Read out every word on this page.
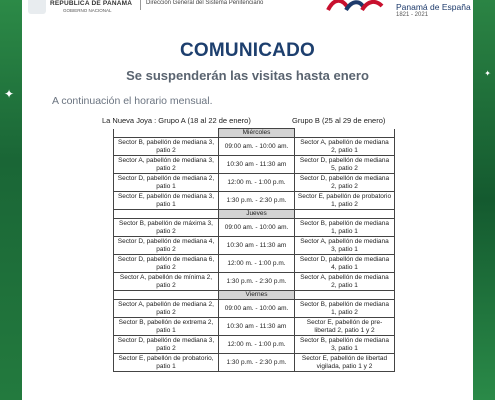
✦
✦
REPÚBLICA DE PANAMÁ
GOBIERNO NACIONAL
Dirección General del Sistema Penitenciario	Panamá de España
1821 - 2021
COMUNICADO
Se suspenderán las visitas hasta enero
A continuación el horario mensual.
La Nueva Joya : Grupo A (18 al 22 de enero)	Grupo B (25 al 29 de enero)
	Miércoles	
Sector B, pabellón de mediana 3, patio 2	09:00 am. - 10:00 am.	Sector A, pabellón de mediana 2, patio 1
Sector A, pabellón de mediana 3, patio 2	10:30 am - 11:30 am	Sector D, pabellón de mediana 5, patio 2
Sector D, pabellón de mediana 2, patio 1	12:00 m. - 1:00 p.m.	Sector D, pabellón de mediana 2, patio 2
Sector E, pabellón de mediana 3, patio 1	1:30 p.m. - 2:30 p.m.	Sector E, pabellón de probatorio 1, patio 2
	Jueves	
Sector B, pabellón de máxima 3, patio 2	09:00 am. - 10:00 am.	Sector B, pabellón de mediana 1, patio 1
Sector D, pabellón de mediana 4, patio 2	10:30 am - 11:30 am	Sector A, pabellón de mediana 3, patio 1
Sector D, pabellón de mediana 6, patio 2	12:00 m. - 1:00 p.m.	Sector D, pabellón de mediana 4, patio 1
Sector A, pabellón de mínima 2, patio 2	1:30 p.m. - 2:30 p.m.	Sector A, pabellón de mediana 2, patio 1
	Viernes	
Sector A, pabellón de mediana 2, patio 2	09:00 am. - 10:00 am.	Sector B, pabellón de mediana 1, patio 2
Sector B, pabellón de extrema 2, patio 1	10:30 am - 11:30 am	Sector E, pabellón de pre-libertad 2, patio 1 y 2
Sector D, pabellón de mediana 3, patio 2	12:00 m. - 1:00 p.m.	Sector B, pabellón de mediana 3, patio 1
Sector E, pabellón de probatorio, patio 1	1:30 p.m. - 2:30 p.m.	Sector E, pabellón de libertad vigilada, patio 1 y 2
